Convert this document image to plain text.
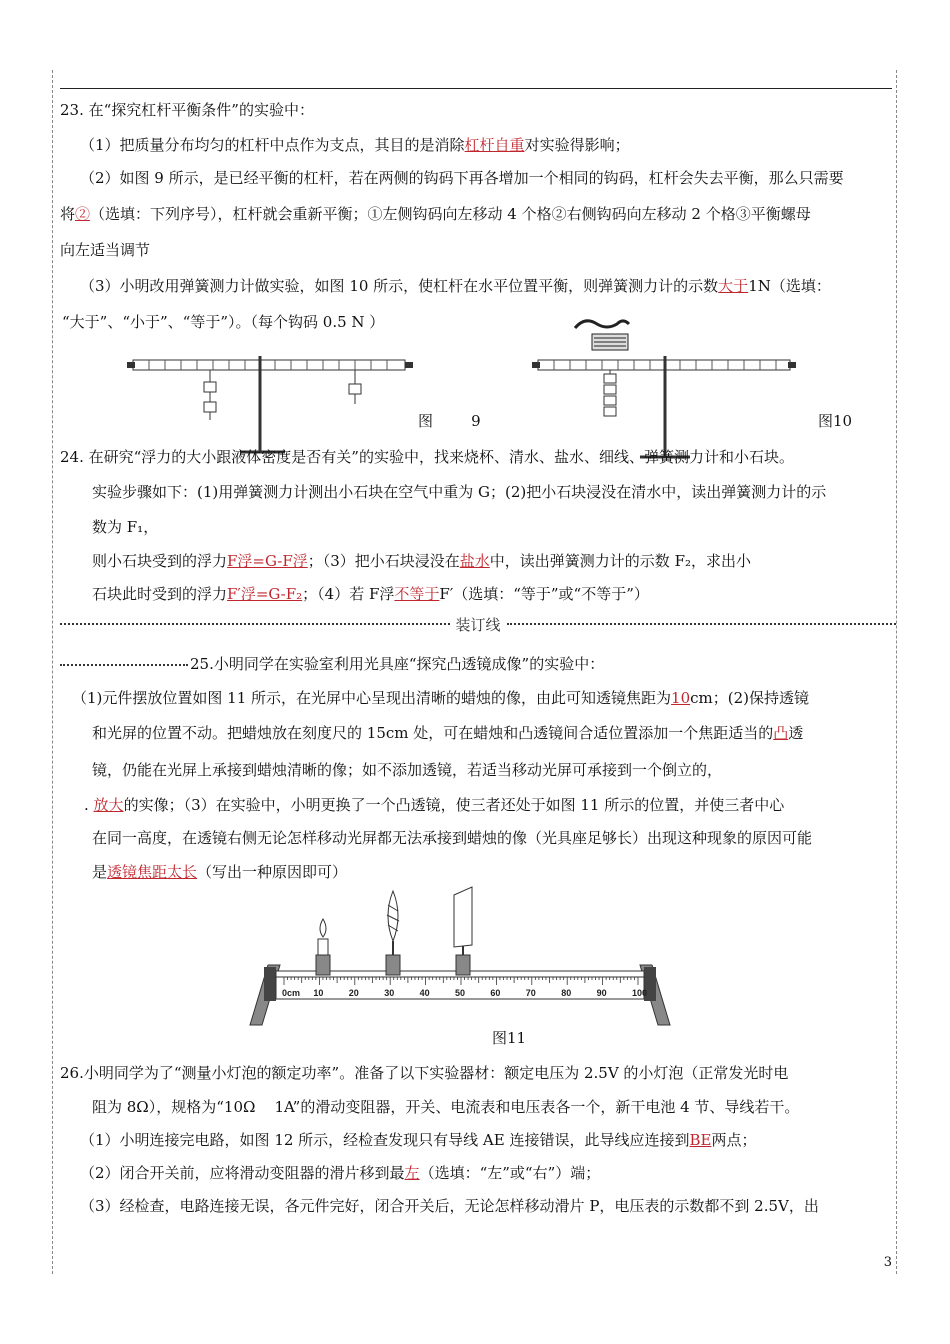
23. 在“探究杠杆平衡条件”的实验中：
（1）把质量分布均匀的杠杆中点作为支点，其目的是消除杠杆自重对实验得影响；
（2）如图 9 所示，是已经平衡的杠杆，若在两侧的钩码下再各增加一个相同的钩码，杠杆会失去平衡，那么只需要
将②（选填：下列序号），杠杆就会重新平衡；①左侧钩码向左移动 4 个格②右侧钩码向左移动 2 个格③平衡螺母
向左适当调节
（3）小明改用弹簧测力计做实验，如图 10 所示，使杠杆在水平位置平衡，则弹簧测力计的示数大于1N（选填：
“大于”、“小于”、“等于”）。（每个钩码 0.5 N ）
图        9	图10
24. 在研究“浮力的大小跟液体密度是否有关”的实验中，找来烧杯、清水、盐水、细线、弹簧测力计和小石块。
实验步骤如下：(1)用弹簧测力计测出小石块在空气中重为 G；(2)把小石块浸没在清水中，读出弹簧测力计的示
数为 F₁，
则小石块受到的浮力F浮=G-F浮；（3）把小石块浸没在盐水中，读出弹簧测力计的示数 F₂，求出小
石块此时受到的浮力F′浮=G-F₂；（4）若 F浮不等于F′（选填：“等于”或“不等于”）
装订线
25.小明同学在实验室利用光具座“探究凸透镜成像”的实验中：
（1)元件摆放位置如图 11 所示，在光屏中心呈现出清晰的蜡烛的像，由此可知透镜焦距为10cm；(2)保持透镜
和光屏的位置不动。把蜡烛放在刻度尺的 15cm 处，可在蜡烛和凸透镜间合适位置添加一个焦距适当的凸透
镜，仍能在光屏上承接到蜡烛清晰的像；如不添加透镜，若适当移动光屏可承接到一个倒立的，
. 放大的实像；（3）在实验中，小明更换了一个凸透镜，使三者还处于如图 11 所示的位置，并使三者中心
在同一高度，在透镜右侧无论怎样移动光屏都无法承接到蜡烛的像（光具座足够长）出现这种现象的原因可能
是透镜焦距太长（写出一种原因即可）
0cm 10	20	30	40	50	60	70	80	90	100
图11
26.小明同学为了“测量小灯泡的额定功率”。准备了以下实验器材：额定电压为 2.5V 的小灯泡（正常发光时电
阻为 8Ω），规格为“10Ω    1A”的滑动变阻器，开关、电流表和电压表各一个，新干电池 4 节、导线若干。
（1）小明连接完电路，如图 12 所示，经检查发现只有导线 AE 连接错误，此导线应连接到BE两点；
（2）闭合开关前，应将滑动变阻器的滑片移到最左（选填：“左”或“右”）端；
（3）经检查，电路连接无误，各元件完好，闭合开关后，无论怎样移动滑片 P，电压表的示数都不到 2.5V，出
3
